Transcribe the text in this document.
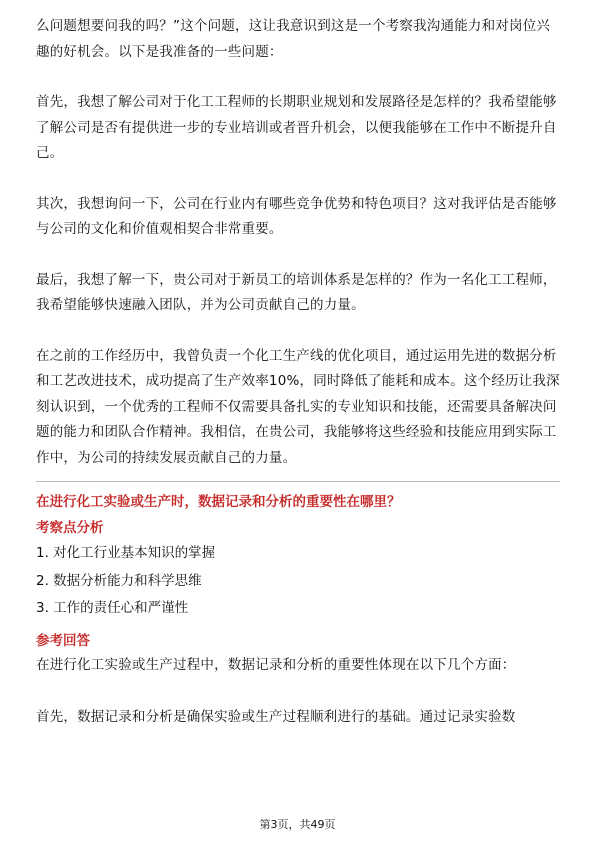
么问题想要问我的吗？”这个问题，这让我意识到这是一个考察我沟通能力和对岗位兴趣的好机会。以下是我准备的一些问题：

首先，我想了解公司对于化工工程师的长期职业规划和发展路径是怎样的？我希望能够了解公司是否有提供进一步的专业培训或者晋升机会，以便我能够在工作中不断提升自己。

其次，我想询问一下，公司在行业内有哪些竞争优势和特色项目？这对我评估是否能够与公司的文化和价值观相契合非常重要。

最后，我想了解一下，贵公司对于新员工的培训体系是怎样的？作为一名化工工程师，我希望能够快速融入团队，并为公司贡献自己的力量。

在之前的工作经历中，我曾负责一个化工生产线的优化项目，通过运用先进的数据分析和工艺改进技术，成功提高了生产效率10%，同时降低了能耗和成本。这个经历让我深刻认识到，一个优秀的工程师不仅需要具备扎实的专业知识和技能，还需要具备解决问题的能力和团队合作精神。我相信，在贵公司，我能够将这些经验和技能应用到实际工作中，为公司的持续发展贡献自己的力量。

在进行化工实验或生产时，数据记录和分析的重要性在哪里？

考察点分析

1. 对化工行业基本知识的掌握

2. 数据分析能力和科学思维

3. 工作的责任心和严谨性

参考回答

在进行化工实验或生产过程中，数据记录和分析的重要性体现在以下几个方面：

首先，数据记录和分析是确保实验或生产过程顺利进行的基础。通过记录实验数

第3页，共49页
